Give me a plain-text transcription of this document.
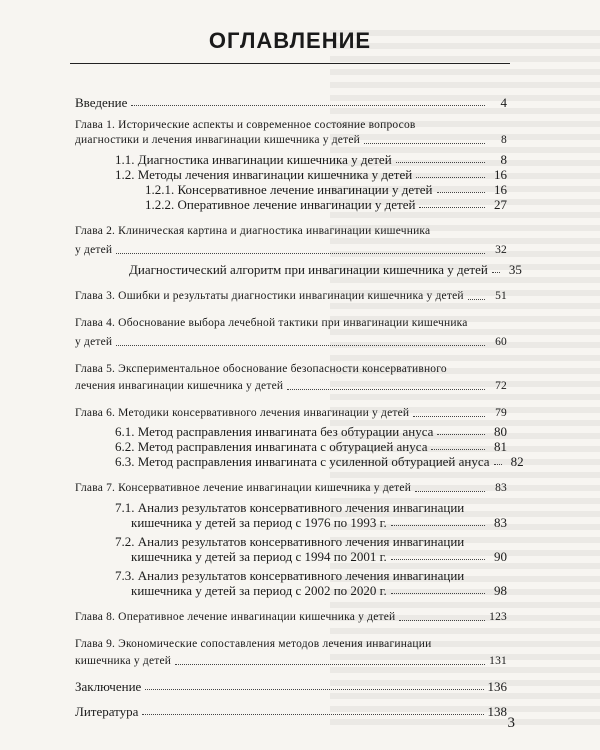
ОГЛАВЛЕНИЕ
Введение	4
Глава 1. Исторические аспекты и современное состояние вопросов
диагностики и лечения инвагинации кишечника у детей	8
1.1. Диагностика инвагинации кишечника у детей	8
1.2. Методы лечения инвагинации кишечника у детей	16
1.2.1. Консервативное лечение инвагинации у детей	16
1.2.2. Оперативное лечение инвагинации у детей	27
Глава 2. Клиническая картина и диагностика инвагинации кишечника
у детей	32
Диагностический алгоритм при инвагинации кишечника у детей	35
Глава 3. Ошибки и результаты диагностики инвагинации кишечника у детей	51
Глава 4. Обоснование выбора лечебной тактики при инвагинации кишечника
у детей	60
Глава 5. Экспериментальное обоснование безопасности консервативного
лечения инвагинации кишечника у детей	72
Глава 6. Методики консервативного лечения инвагинации у детей	79
6.1. Метод расправления инвагината без обтурации ануса	80
6.2. Метод расправления инвагината с обтурацией ануса	81
6.3. Метод расправления инвагината с усиленной обтурацией ануса	82
Глава 7. Консервативное лечение инвагинации кишечника у детей	83
7.1. Анализ результатов консервативного лечения инвагинации
кишечника у детей за период с 1976 по 1993 г.	83
7.2. Анализ результатов консервативного лечения инвагинации
кишечника у детей за период с 1994 по 2001 г.	90
7.3. Анализ результатов консервативного лечения инвагинации
кишечника у детей за период с 2002 по 2020 г.	98
Глава 8. Оперативное лечение инвагинации кишечника у детей	123
Глава 9. Экономические сопоставления методов лечения инвагинации
кишечника у детей	131
Заключение	136
Литература	138
3
